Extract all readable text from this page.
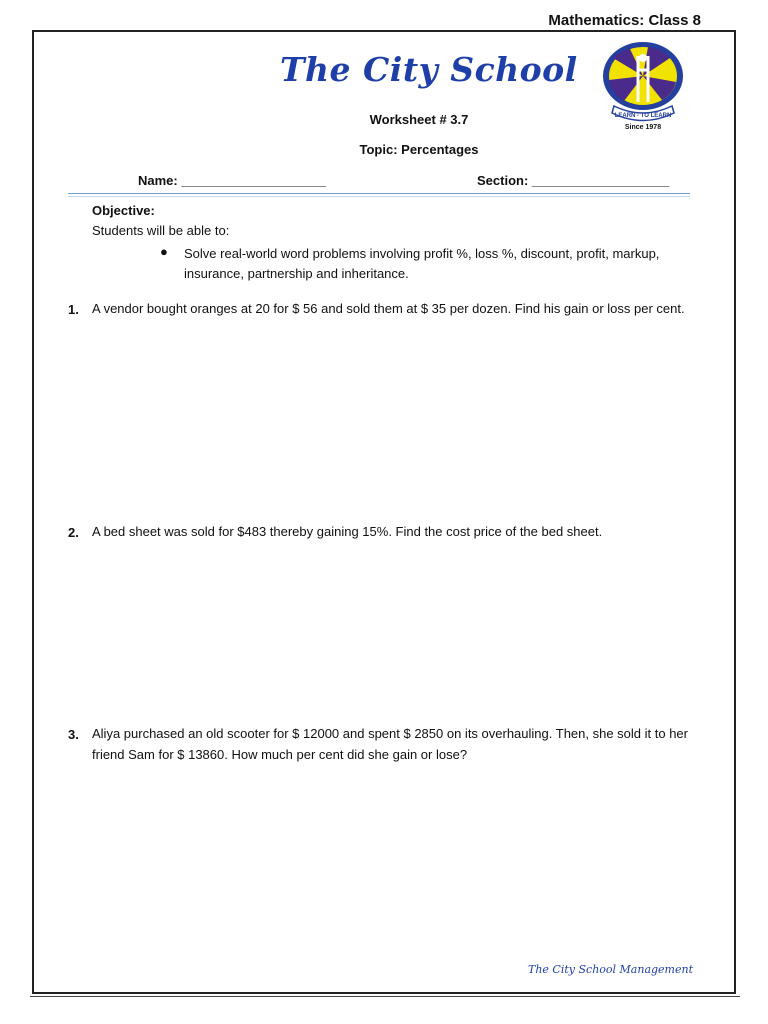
Mathematics: Class 8
The City School
LEARN - TO LEARN
Since 1978
Worksheet # 3.7
Topic: Percentages
Name: ____________________	Section: ___________________
Objective:
Students will be able to:
● Solve real-world word problems involving profit %, loss %, discount, profit, markup, insurance, partnership and inheritance.
1. A vendor bought oranges at 20 for $ 56 and sold them at $ 35 per dozen. Find his gain or loss per cent.
2. A bed sheet was sold for $483 thereby gaining 15%. Find the cost price of the bed sheet.
3. Aliya purchased an old scooter for $ 12000 and spent $ 2850 on its overhauling. Then, she sold it to her friend Sam for $ 13860. How much per cent did she gain or lose?
The City School Management
